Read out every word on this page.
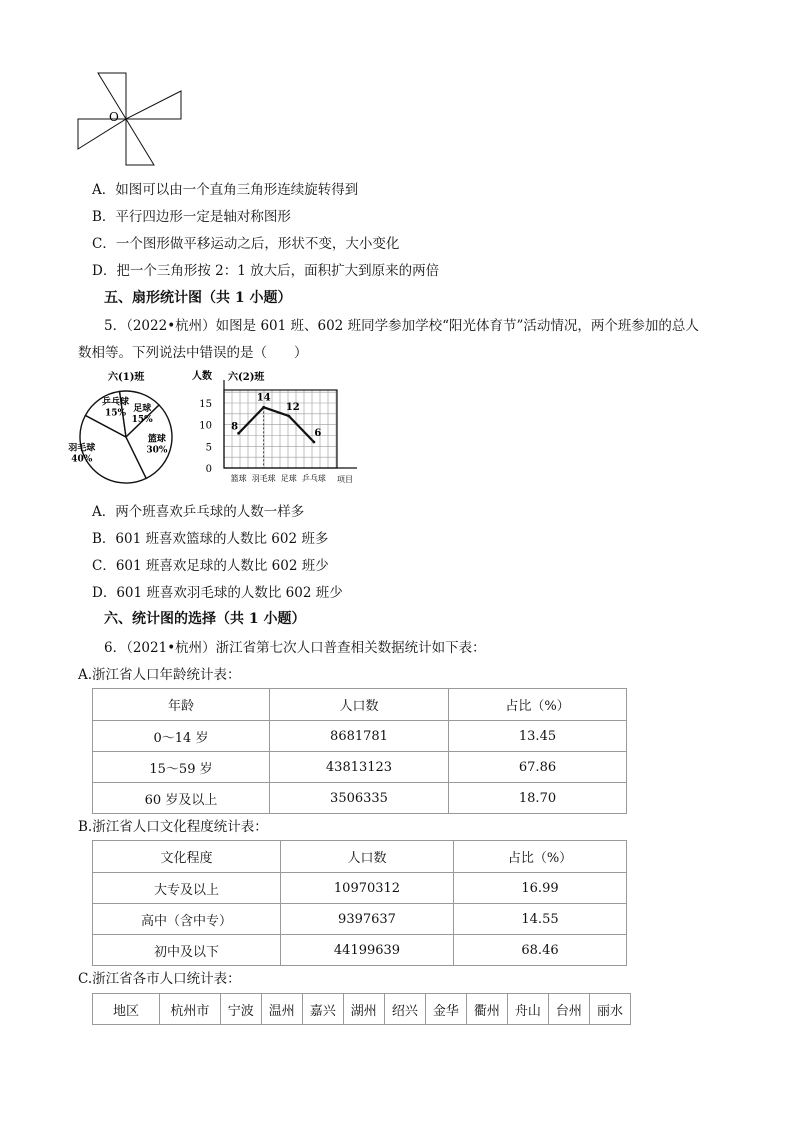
O
A．如图可以由一个直角三角形连续旋转得到
B．平行四边形一定是轴对称图形
C．一个图形做平移运动之后，形状不变，大小变化
D．把一个三角形按 2：1 放大后，面积扩大到原来的两倍
五、扇形统计图（共 1 小题）
5．（2022•杭州）如图是 601 班、602 班同学参加学校“阳光体育节”活动情况，两个班参加的总人
数相等。下列说法中错误的是（　　）
六(1)班
羽毛球
40%
乒乓球
15% 足球
15%
篮球
30%
人数 六(2)班
0
5
10
15
篮球 羽毛球 足球 乒乓球
8
14
12
6
项目
A．两个班喜欢乒乓球的人数一样多
B．601 班喜欢篮球的人数比 602 班多
C．601 班喜欢足球的人数比 602 班少
D．601 班喜欢羽毛球的人数比 602 班少
六、统计图的选择（共 1 小题）
6．（2021•杭州）浙江省第七次人口普查相关数据统计如下表：
A.浙江省人口年龄统计表：
年龄	人口数	占比（%）
0～14 岁	8681781	13.45
15～59 岁	43813123	67.86
60 岁及以上	3506335	18.70
B.浙江省人口文化程度统计表：
文化程度	人口数	占比（%）
大专及以上	10970312	16.99
高中（含中专）	9397637	14.55
初中及以下	44199639	68.46
C.浙江省各市人口统计表：
地区	杭州市	宁波	温州	嘉兴	湖州	绍兴	金华	衢州	舟山	台州	丽水
